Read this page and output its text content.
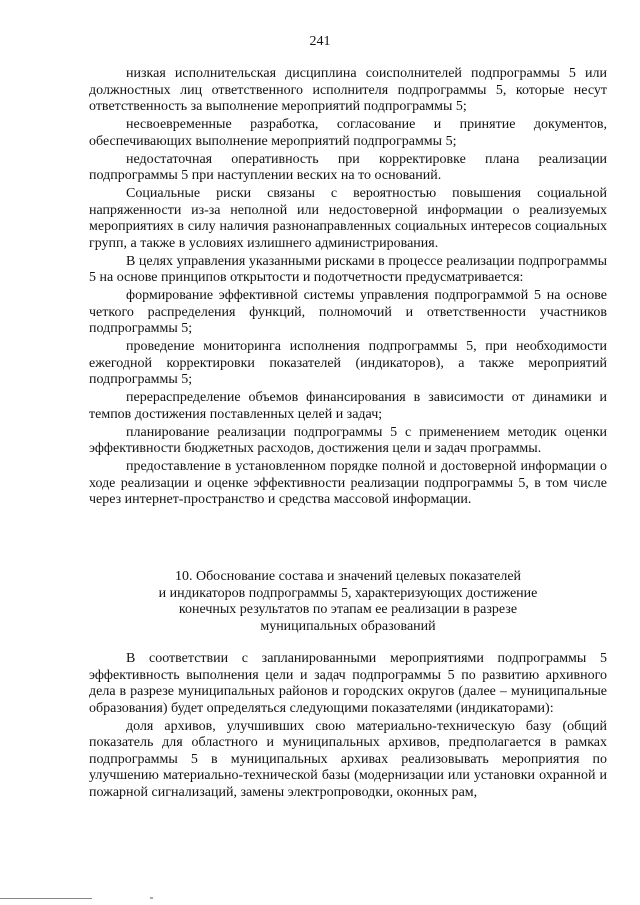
241

низкая исполнительская дисциплина соисполнителей подпрограммы 5 или должностных лиц ответственного исполнителя подпрограммы 5, которые несут ответственность за выполнение мероприятий подпрограммы 5;

несвоевременные разработка, согласование и принятие документов, обеспечивающих выполнение мероприятий подпрограммы 5;

недостаточная оперативность при корректировке плана реализации подпрограммы 5 при наступлении веских на то оснований.

Социальные риски связаны с вероятностью повышения социальной напряженности из-за неполной или недостоверной информации о реализуемых мероприятиях в силу наличия разнонаправленных социальных интересов социальных групп, а также в условиях излишнего администрирования.

В целях управления указанными рисками в процессе реализации подпрограммы 5 на основе принципов открытости и подотчетности предусматривается:

формирование эффективной системы управления подпрограммой 5 на основе четкого распределения функций, полномочий и ответственности участников подпрограммы 5;

проведение мониторинга исполнения подпрограммы 5, при необходимости ежегодной корректировки показателей (индикаторов), а также мероприятий подпрограммы 5;

перераспределение объемов финансирования в зависимости от динамики и темпов достижения поставленных целей и задач;

планирование реализации подпрограммы 5 с применением методик оценки эффективности бюджетных расходов, достижения цели и задач программы.

предоставление в установленном порядке полной и достоверной информации о ходе реализации и оценке эффективности реализации подпрограммы 5, в том числе через интернет-пространство и средства массовой информации.

10. Обоснование состава и значений целевых показателей
и индикаторов подпрограммы 5, характеризующих достижение
конечных результатов по этапам ее реализации в разрезе
муниципальных образований

В соответствии с запланированными мероприятиями подпрограммы 5 эффективность выполнения цели и задач подпрограммы 5 по развитию архивного дела в разрезе муниципальных районов и городских округов (далее – муниципальные образования) будет определяться следующими показателями (индикаторами):

доля архивов, улучшивших свою материально-техническую базу (общий показатель для областного и муниципальных архивов, предполагается в рамках подпрограммы 5 в муниципальных архивах реализовывать мероприятия по улучшению материально-технической базы (модернизации или установки охранной и пожарной сигнализаций, замены электропроводки, оконных рам,
